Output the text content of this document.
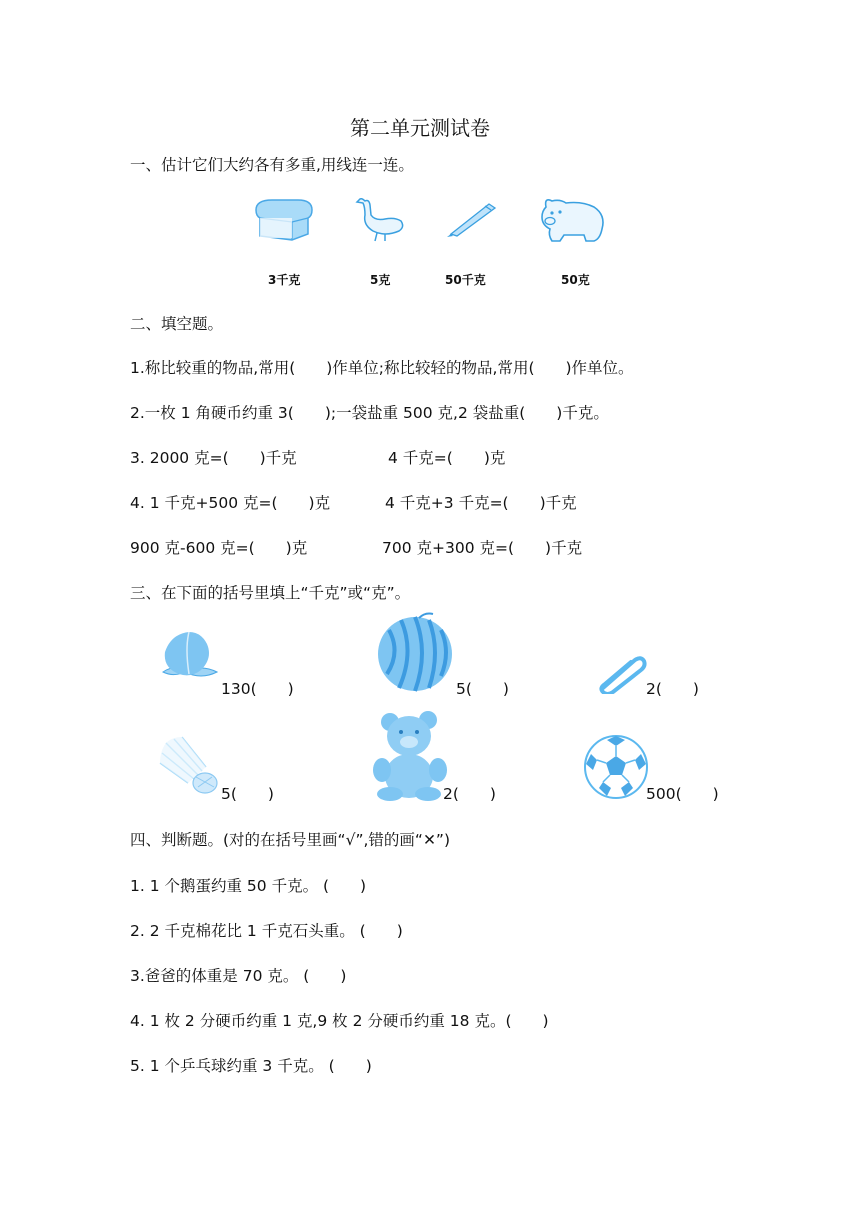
第二单元测试卷
一、估计它们大约各有多重,用线连一连。
3千克	5克	50千克	50克
二、填空题。
1.称比较重的物品,常用(　　)作单位;称比较轻的物品,常用(　　)作单位。
2.一枚 1 角硬币约重 3(　　);一袋盐重 500 克,2 袋盐重(　　)千克。
3. 2000 克=(　　)千克	4 千克=(　　)克
4. 1 千克+500 克=(　　)克	4 千克+3 千克=(　　)千克
900 克-600 克=(　　)克	700 克+300 克=(　　)千克
三、在下面的括号里填上“千克”或“克”。
130(　　)	5(　　)	2(　　)
5(　　)	2(　　)	500(　　)
四、判断题。(对的在括号里画“√”,错的画“✕”)
1. 1 个鹅蛋约重 50 千克。 (　　)
2. 2 千克棉花比 1 千克石头重。 (　　)
3.爸爸的体重是 70 克。 (　　)
4. 1 枚 2 分硬币约重 1 克,9 枚 2 分硬币约重 18 克。(　　)
5. 1 个乒乓球约重 3 千克。 (　　)
